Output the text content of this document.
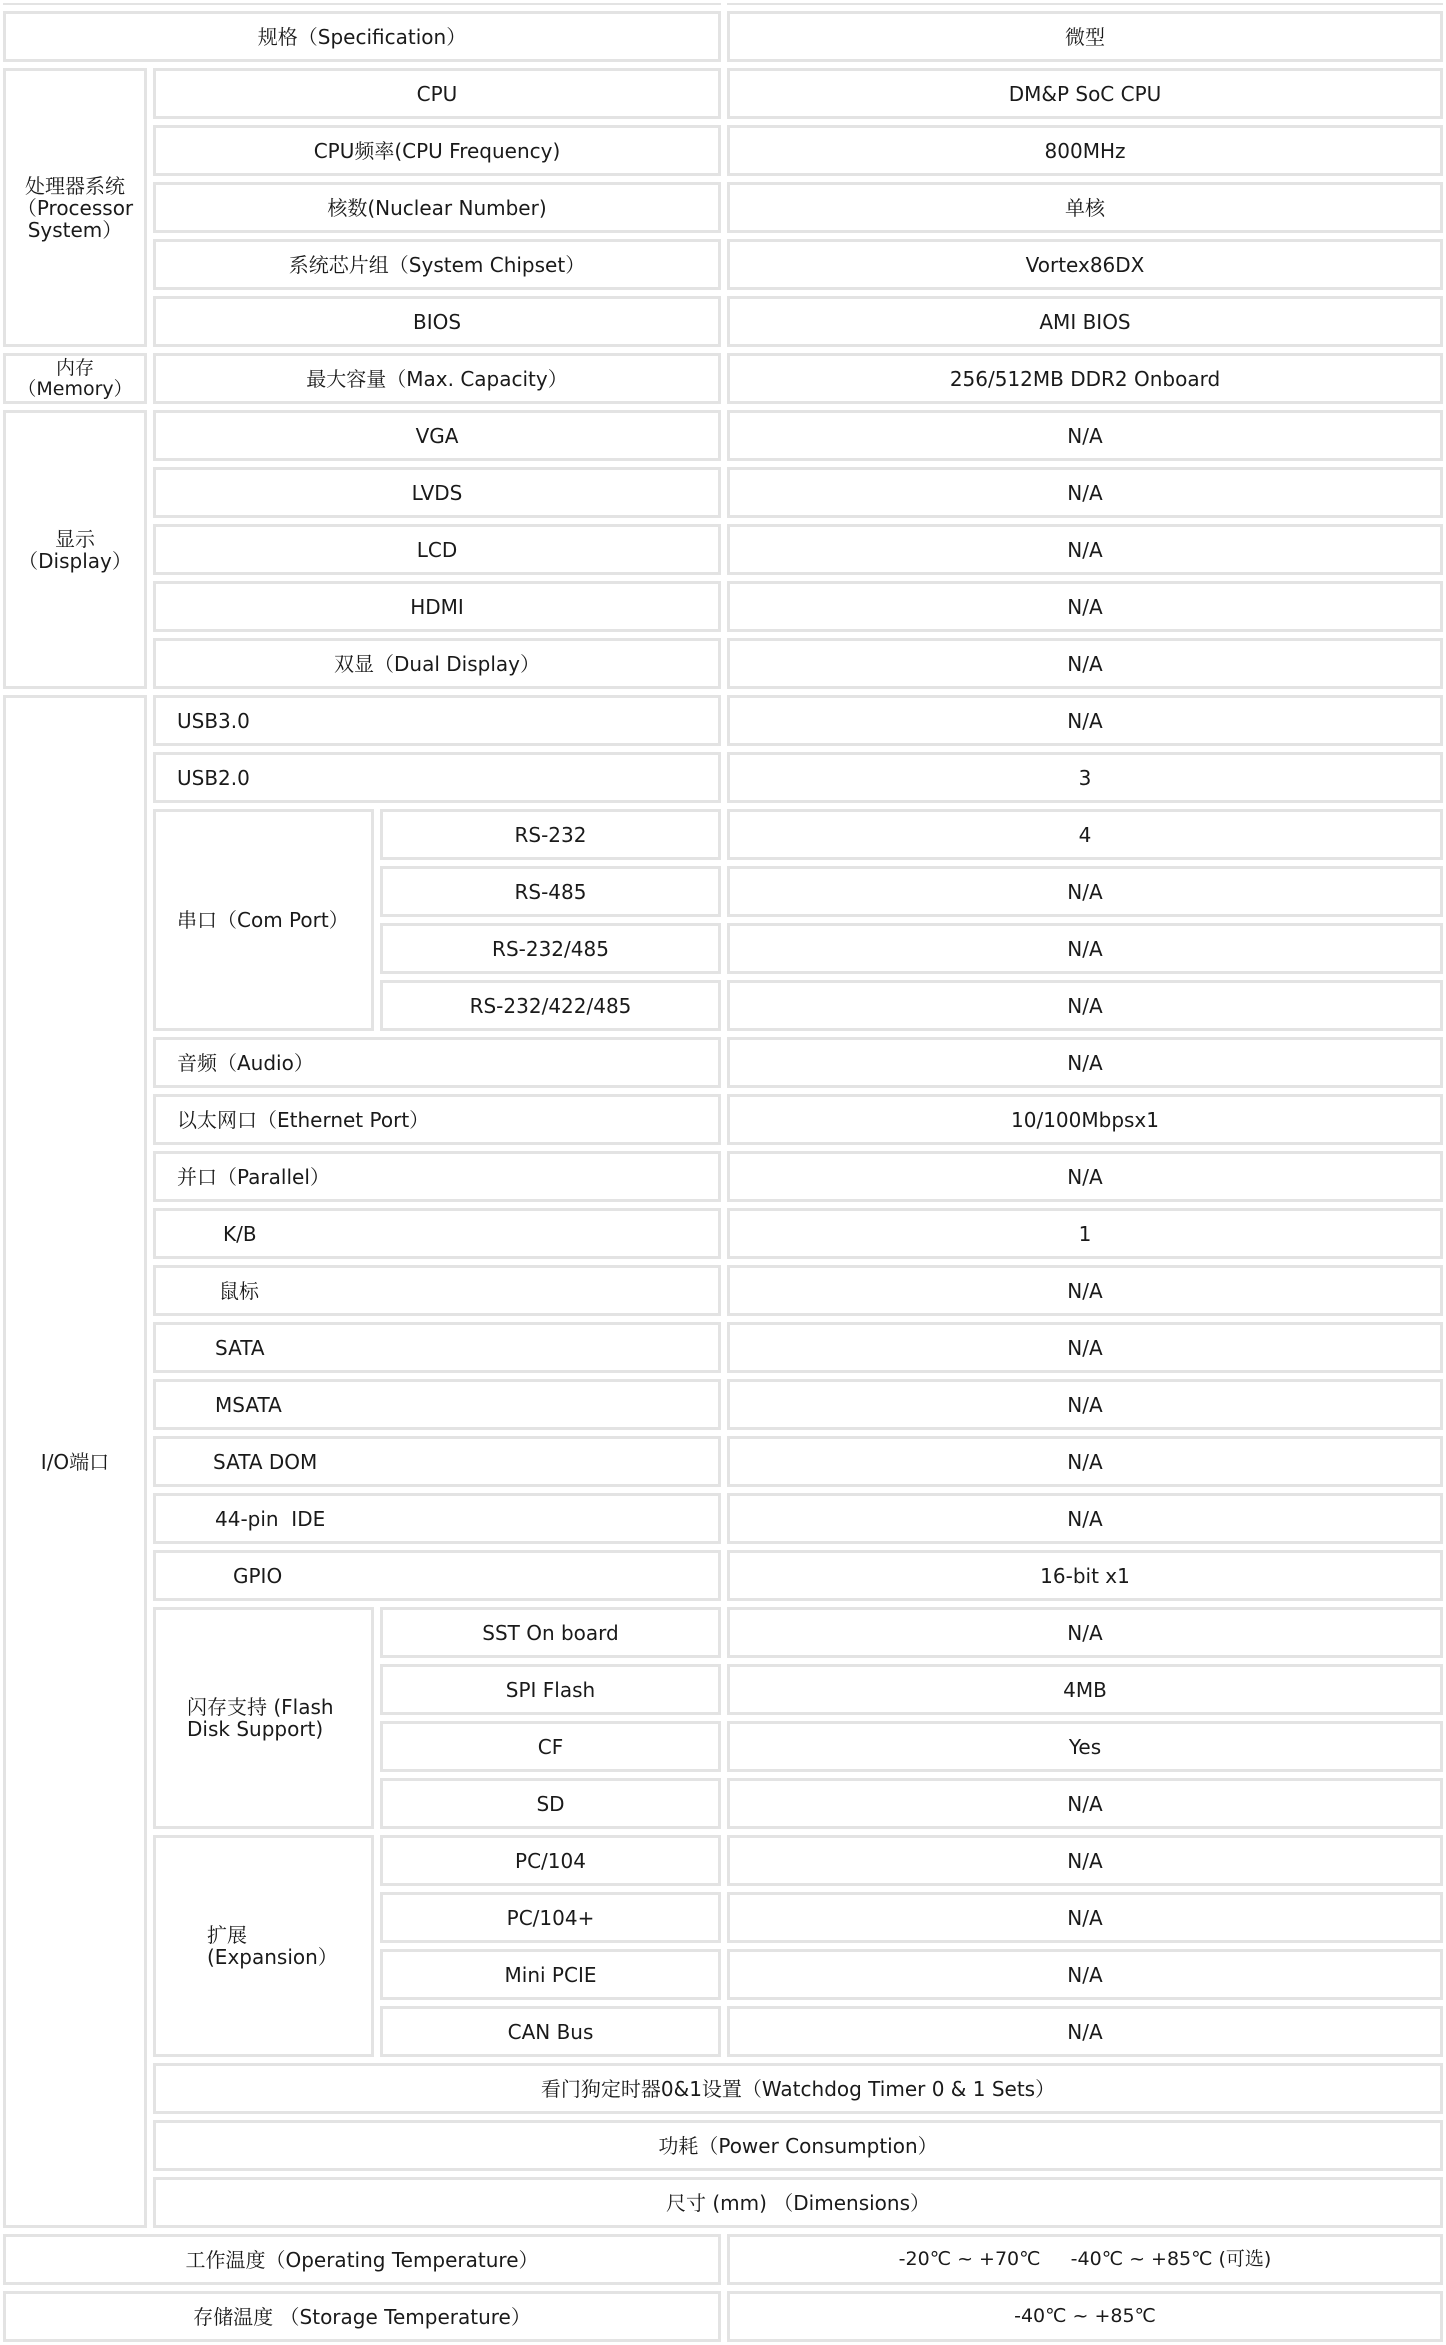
规格（Specification）			微型	
处理器系统（Processor System）	CPU		DM&P SoC CPU	
	CPU频率(CPU Frequency)		800MHz	
	核数(Nuclear Number)		单核	
	系统芯片组（System Chipset）		Vortex86DX	
	BIOS		AMI BIOS	
内存（Memory）	最大容量（Max. Capacity）		256/512MB DDR2 Onboard	
显示（Display）	VGA		N/A	
	LVDS		N/A	
	LCD		N/A	
	HDMI		N/A	
	双显（Dual Display）		N/A	
I/O端口	USB3.0		N/A	
	USB2.0		3	
	串口（Com Port）	RS-232	4	
		RS-485	N/A	
		RS-232/485	N/A	
		RS-232/422/485	N/A	
	音频（Audio）		N/A	
	以太网口（Ethernet Port）		10/100Mbpsx1	
	并口（Parallel）		N/A	
	K/B		1	
	鼠标		N/A	
	SATA		N/A	
	MSATA		N/A	
	SATA DOM		N/A	
	44-pin  IDE		N/A	
	GPIO		16-bit x1	
	闪存支持 (Flash Disk Support)	SST On board	N/A	
		SPI Flash	4MB	
		CF	Yes	
		SD	N/A	
	扩展 (Expansion）	PC/104	N/A	
		PC/104+	N/A	
		Mini PCIE	N/A	
		CAN Bus	N/A	
	看门狗定时器0&1设置（Watchdog Timer 0 & 1 Sets）	
	功耗（Power Consumption）	
	尺寸 (mm) （Dimensions）	
工作温度（Operating Temperature）			-20℃ ~ +70℃     -40℃ ~ +85℃ (可选)	
存储温度 （Storage Temperature）			-40℃ ~ +85℃	
